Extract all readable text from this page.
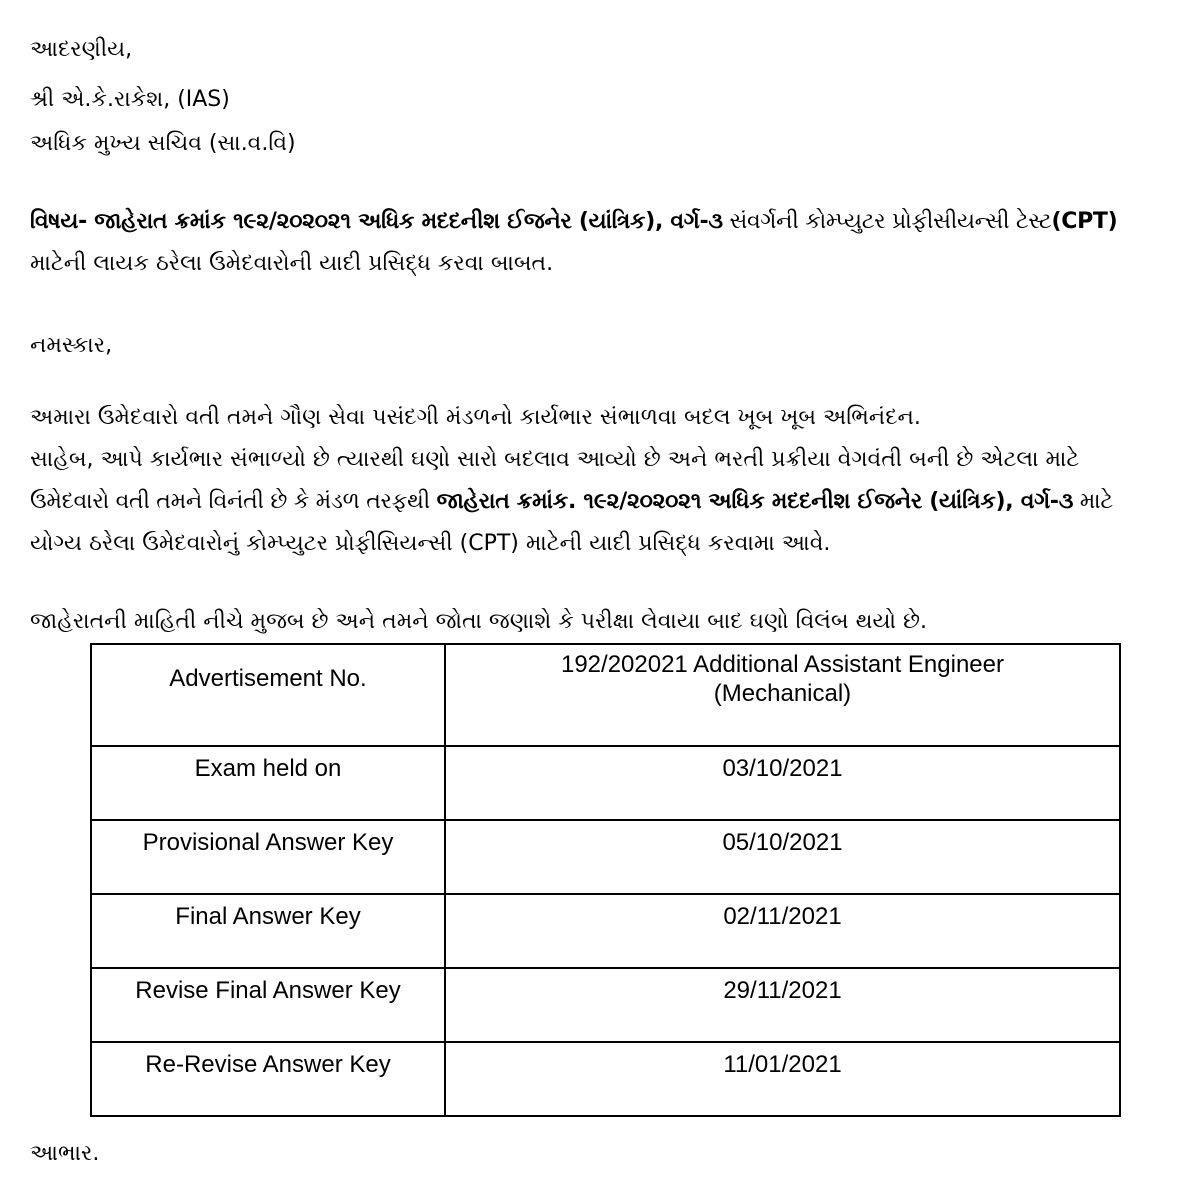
આદરણીય,
શ્રી એ.કે.રાકેશ, (IAS)
અધિક મુખ્ય સચિવ (સા.વ.વિ)
વિષય- જાહેરાત ક્રમાંક ૧૯૨/૨૦૨૦૨૧ અધિક મદદનીશ ઈજનેર (યાંત્રિક), વર્ગ-૩ સંવર્ગની કોમ્પ્યુટર પ્રોફીસીયન્સી ટેસ્ટ(CPT)
માટેની લાયક ઠરેલા ઉમેદવારોની યાદી પ્રસિદ્ધ કરવા બાબત.
નમસ્કાર,
અમારા ઉમેદવારો વતી તમને ગૌણ સેવા પસંદગી મંડળનો કાર્યભાર સંભાળવા બદલ ખૂબ ખૂબ અભિનંદન.
સાહેબ, આપે કાર્યભાર સંભાળ્યો છે ત્યારથી ઘણો સારો બદલાવ આવ્યો છે અને ભરતી પ્રક્રીયા વેગવંતી બની છે એટલા માટે
ઉમેદવારો વતી તમને વિનંતી છે કે મંડળ તરફથી જાહેરાત ક્રમાંક. ૧૯૨/૨૦૨૦૨૧ અધિક મદદનીશ ઈજનેર (યાંત્રિક), વર્ગ-૩ માટે
યોગ્ય ઠરેલા ઉમેદવારોનું કોમ્પ્યુટર પ્રોફીસિયન્સી (CPT) માટેની યાદી પ્રસિદ્ધ કરવામા આવે.
જાહેરાતની માહિતી નીચે મુજબ છે અને તમને જોતા જણાશે કે પરીક્ષા લેવાયા બાદ ઘણો વિલંબ થયો છે.
Advertisement No.	192/202021 Additional Assistant Engineer
(Mechanical)

Exam held on	03/10/2021
Provisional Answer Key	05/10/2021
Final Answer Key	02/11/2021
Revise Final Answer Key	29/11/2021
Re-Revise Answer Key	11/01/2021
આભાર.
